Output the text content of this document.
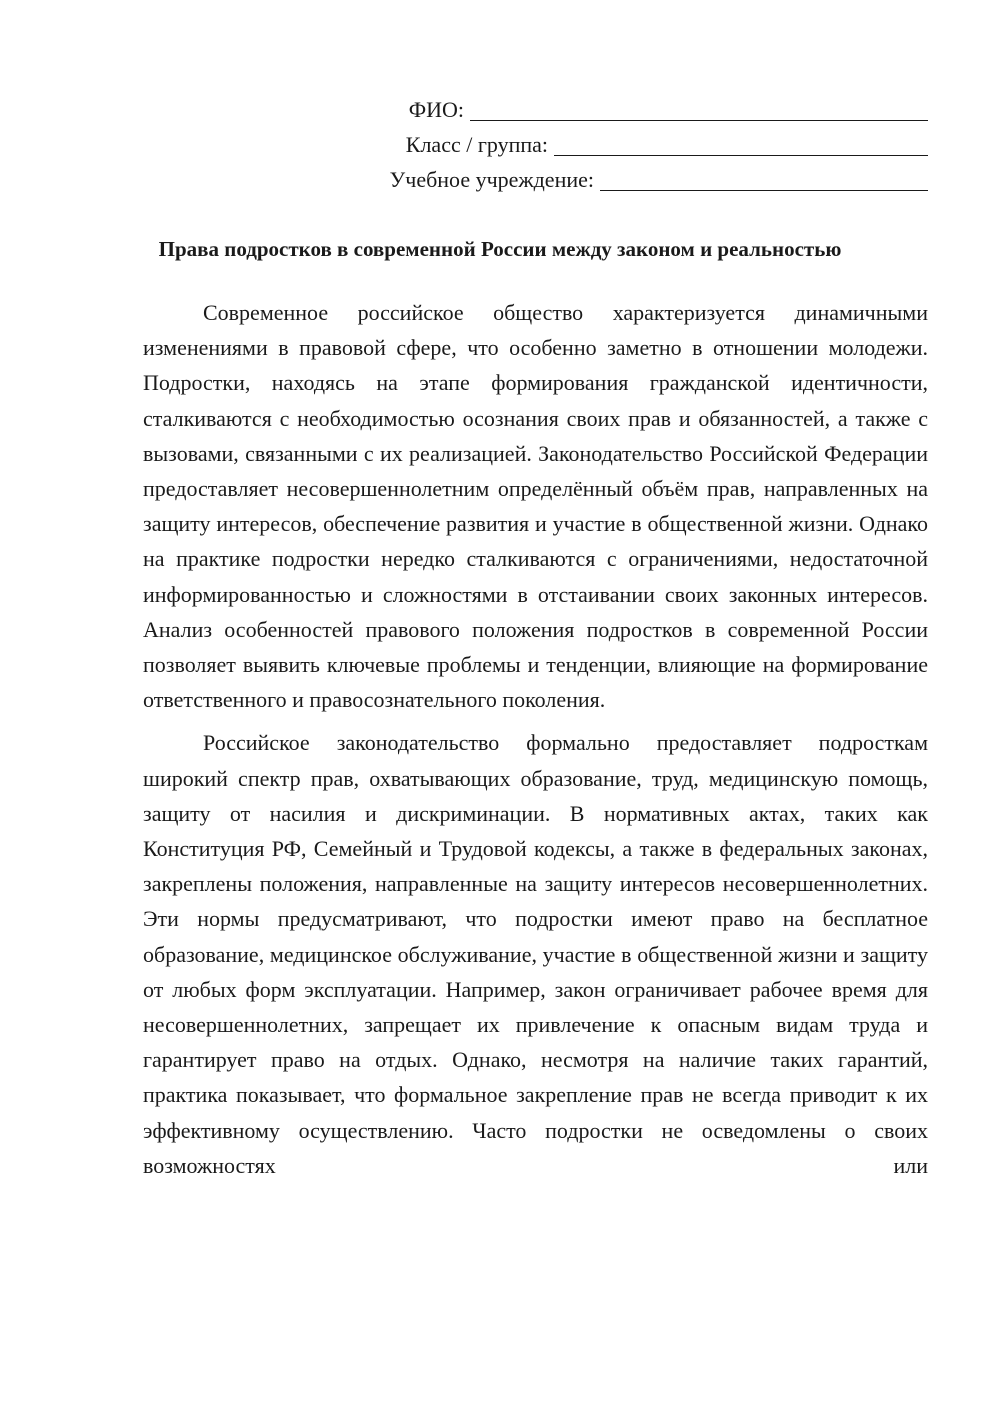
ФИО:
Класс / группа:
Учебное учреждение:
Права подростков в современной России между законом и реальностью

Современное российское общество характеризуется динамичными изменениями в правовой сфере, что особенно заметно в отношении молодежи. Подростки, находясь на этапе формирования гражданской идентичности, сталкиваются с необходимостью осознания своих прав и обязанностей, а также с вызовами, связанными с их реализацией. Законодательство Российской Федерации предоставляет несовершеннолетним определённый объём прав, направленных на защиту интересов, обеспечение развития и участие в общественной жизни. Однако на практике подростки нередко сталкиваются с ограничениями, недостаточной информированностью и сложностями в отстаивании своих законных интересов. Анализ особенностей правового положения подростков в современной России позволяет выявить ключевые проблемы и тенденции, влияющие на формирование ответственного и правосознательного поколения.

Российское законодательство формально предоставляет подросткам широкий спектр прав, охватывающих образование, труд, медицинскую помощь, защиту от насилия и дискриминации. В нормативных актах, таких как Конституция РФ, Семейный и Трудовой кодексы, а также в федеральных законах, закреплены положения, направленные на защиту интересов несовершеннолетних. Эти нормы предусматривают, что подростки имеют право на бесплатное образование, медицинское обслуживание, участие в общественной жизни и защиту от любых форм эксплуатации. Например, закон ограничивает рабочее время для несовершеннолетних, запрещает их привлечение к опасным видам труда и гарантирует право на отдых. Однако, несмотря на наличие таких гарантий, практика показывает, что формальное закрепление прав не всегда приводит к их эффективному осуществлению. Часто подростки не осведомлены о своих возможностях или
